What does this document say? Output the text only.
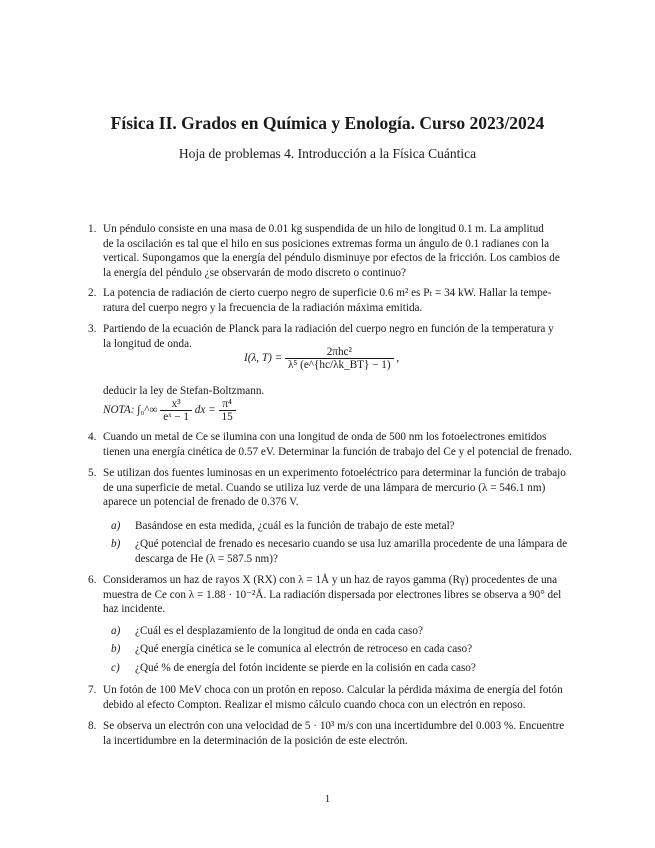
Física II. Grados en Química y Enología. Curso 2023/2024
Hoja de problemas 4. Introducción a la Física Cuántica
1. Un péndulo consiste en una masa de 0.01 kg suspendida de un hilo de longitud 0.1 m. La amplitud
de la oscilación es tal que el hilo en sus posiciones extremas forma un ángulo de 0.1 radianes con la
vertical. Supongamos que la energía del péndulo disminuye por efectos de la fricción. Los cambios de
la energía del péndulo ¿se observarán de modo discreto o continuo?
2. La potencia de radiación de cierto cuerpo negro de superficie 0.6 m² es Pₜ = 34 kW. Hallar la tempe-
ratura del cuerpo negro y la frecuencia de la radiación máxima emitida.
3. Partiendo de la ecuación de Planck para la radiación del cuerpo negro en función de la temperatura y
la longitud de onda.
I(λ, $T) = \frac{\text{2πhc²}}{\text{λ⁵ (e\textasciicircum{}\{hc/λk\_BT\} − 1)}}$ ,
deducir la ley de Stefan-Boltzmann.
NOTA: ∫₀^∞ $\frac{\text{x³}}{\text{eˣ − 1}}$ dx = $\frac{\text{π⁴}}{15}$
4. Cuando un metal de Ce se ilumina con una longitud de onda de 500 nm los fotoelectrones emitidos
tienen una energía cinética de 0.57 eV. Determinar la función de trabajo del Ce y el potencial de frenado.
5. Se utilizan dos fuentes luminosas en un experimento fotoeléctrico para determinar la función de trabajo
de una superficie de metal. Cuando se utiliza luz verde de una lámpara de mercurio (λ = 546.1 nm)
aparece un potencial de frenado de 0.376 V.
a) Basándose en esta medida, ¿cuál es la función de trabajo de este metal?
b) ¿Qué potencial de frenado es necesario cuando se usa luz amarilla procedente de una lámpara de
descarga de He (λ = 587.5 nm)?
6. Consideramos un haz de rayos X (RX) con λ = 1Å y un haz de rayos gamma (Rγ) procedentes de una
muestra de Ce con λ = 1.88 · 10⁻²Å. La radiación dispersada por electrones libres se observa a 90° del
haz incidente.
a) ¿Cuál es el desplazamiento de la longitud de onda en cada caso?
b) ¿Qué energía cinética se le comunica al electrón de retroceso en cada caso?
c) ¿Qué % de energía del fotón incidente se pierde en la colisión en cada caso?
7. Un fotón de 100 MeV choca con un protón en reposo. Calcular la pérdida máxima de energía del fotón
debido al efecto Compton. Realizar el mismo cálculo cuando choca con un electrón en reposo.
8. Se observa un electrón con una velocidad de 5 · 10³ m/s con una incertidumbre del 0.003 %. Encuentre
la incertidumbre en la determinación de la posición de este electrón.
1
